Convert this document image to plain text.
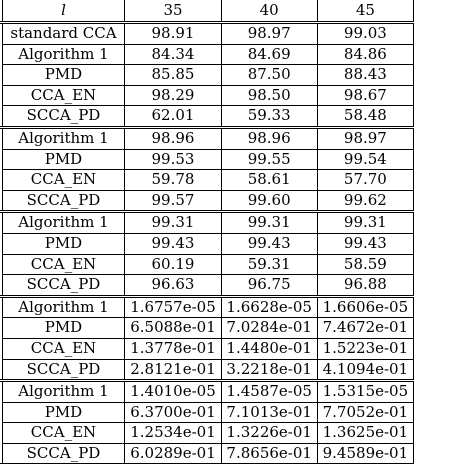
	l	35	40	45
	standard CCA	98.91	98.97	99.03
	Algorithm 1	84.34	84.69	84.86
	PMD	85.85	87.50	88.43
	CCA_EN	98.29	98.50	98.67
	SCCA_PD	62.01	59.33	58.48
	Algorithm 1	98.96	98.96	98.97
	PMD	99.53	99.55	99.54
	CCA_EN	59.78	58.61	57.70
	SCCA_PD	99.57	99.60	99.62
	Algorithm 1	99.31	99.31	99.31
	PMD	99.43	99.43	99.43
	CCA_EN	60.19	59.31	58.59
	SCCA_PD	96.63	96.75	96.88
	Algorithm 1	1.6757e-05	1.6628e-05	1.6606e-05
	PMD	6.5088e-01	7.0284e-01	7.4672e-01
	CCA_EN	1.3778e-01	1.4480e-01	1.5223e-01
	SCCA_PD	2.8121e-01	3.2218e-01	4.1094e-01
	Algorithm 1	1.4010e-05	1.4587e-05	1.5315e-05
	PMD	6.3700e-01	7.1013e-01	7.7052e-01
	CCA_EN	1.2534e-01	1.3226e-01	1.3625e-01
	SCCA_PD	6.0289e-01	7.8656e-01	9.4589e-01
